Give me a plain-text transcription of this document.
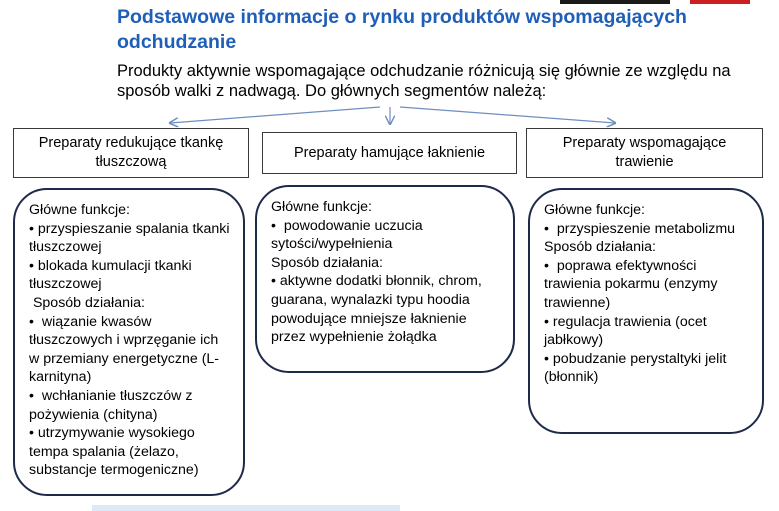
Podstawowe informacje o rynku produktów wspomagających odchudzanie
Produkty aktywnie wspomagające odchudzanie różnicują się głównie ze względu na sposób walki z nadwagą. Do głównych segmentów należą:
Preparaty redukujące tkankę tłuszczową
Preparaty hamujące łaknienie
Preparaty wspomagające trawienie
Główne funkcje:
• przyspieszanie spalania tkanki tłuszczowej
• blokada kumulacji tkanki tłuszczowej
Sposób działania:
•  wiązanie kwasów tłuszczowych i wprzęganie ich w przemiany energetyczne (L-karnityna)
•  wchłanianie tłuszczów z pożywienia (chityna)
• utrzymywanie wysokiego tempa spalania (żelazo, substancje termogeniczne)
Główne funkcje:
•  powodowanie uczucia sytości/wypełnienia
Sposób działania:
• aktywne dodatki błonnik, chrom, guarana, wynalazki typu hoodia powodujące mniejsze łaknienie przez wypełnienie żołądka
Główne funkcje:
•  przyspieszenie metabolizmu
Sposób działania:
•  poprawa efektywności trawienia pokarmu (enzymy trawienne)
• regulacja trawienia (ocet jabłkowy)
• pobudzanie perystaltyki jelit (błonnik)
